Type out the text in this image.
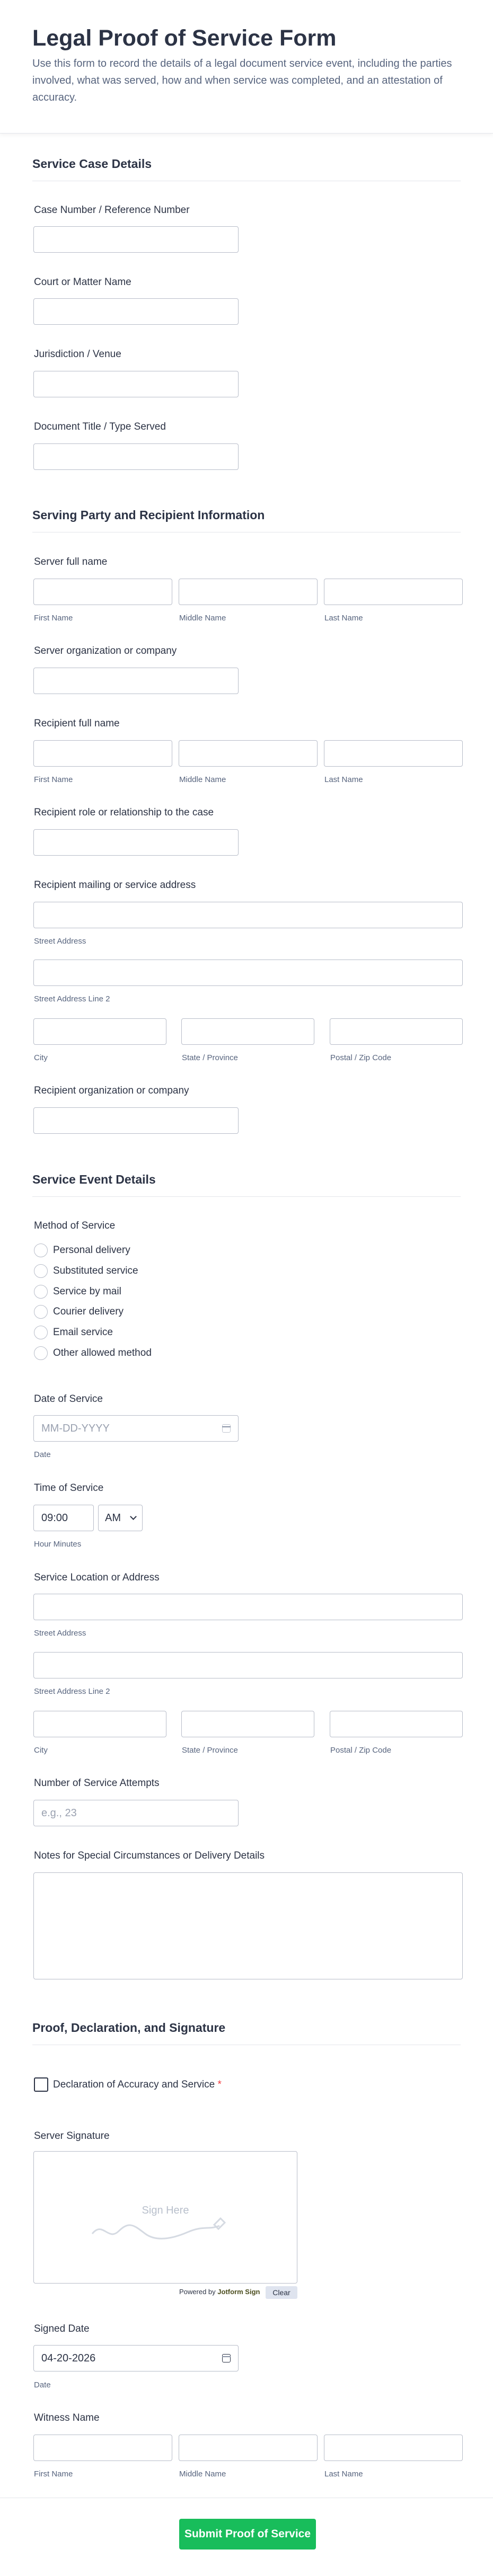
Legal Proof of Service Form
Use this form to record the details of a legal document service event, including the parties involved, what was served, how and when service was completed, and an attestation of accuracy.
Service Case Details
Case Number / Reference Number
Court or Matter Name
Jurisdiction / Venue
Document Title / Type Served
Serving Party and Recipient Information
Server full name
First Name	Middle Name	Last Name
Server organization or company
Recipient full name
First Name	Middle Name	Last Name
Recipient role or relationship to the case
Recipient mailing or service address
Street Address
Street Address Line 2
City	State / Province	Postal / Zip Code
Recipient organization or company
Service Event Details
Method of Service
Personal delivery
Substituted service
Service by mail
Courier delivery
Email service
Other allowed method
Date of Service
MM-DD-YYYY
Date
Time of Service
09:00
AM
Hour Minutes
Service Location or Address
Street Address
Street Address Line 2
City	State / Province	Postal / Zip Code
Number of Service Attempts
e.g., 23
Notes for Special Circumstances or Delivery Details
Proof, Declaration, and Signature
Declaration of Accuracy and Service *
Server Signature
Sign Here
Powered by Jotform Sign	Clear
Signed Date
04-20-2026
Date
Witness Name
First Name	Middle Name	Last Name
Submit Proof of Service
